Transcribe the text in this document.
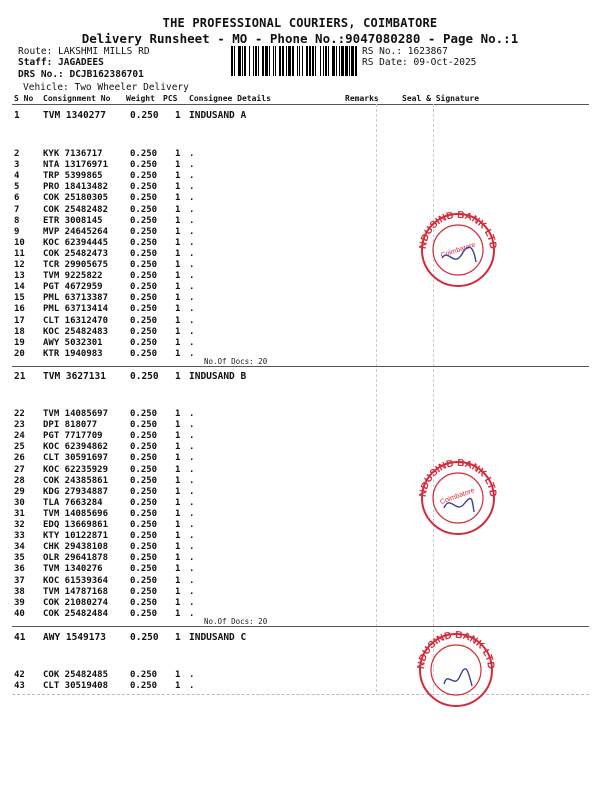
THE PROFESSIONAL COURIERS, COIMBATORE
Delivery Runsheet - MO - Phone No.:9047080280 - Page No.:1
Route: LAKSHMI MILLS RD
Staff: JAGADEES
DRS No.: DCJB162386701
Vehicle: Two Wheeler Delivery
RS No.: 1623867
RS Date: 09-Oct-2025
S No Consignment No Weight PCS Consignee Details	Remarks	Seal & Signature
1 TVM 1340277	0.250 1 INDUSAND A
2	KYK 7136717	0.250 1 .
3	NTA 13176971 0.250 1 .
4	TRP 5399865	0.250 1 .
5	PRO 18413482 0.250 1 .
6	COK 25180305 0.250 1 .
7	COK 25482482 0.250 1 .
8	ETR 3008145	0.250 1 .
9	MVP 24645264 0.250 1 .
10 KOC 62394445 0.250 1 .
11 COK 25482473 0.250 1 .
12 TCR 29905675 0.250 1 .
13 TVM 9225822	0.250 1 .
14 PGT 4672959	0.250 1 .
15 PML 63713387 0.250 1 .
16 PML 63713414 0.250 1 .
17 CLT 16312470 0.250 1 .
18 KOC 25482483 0.250 1 .
19 AWY 5032301	0.250 1 .
20 KTR 1940983	0.250 1 .
No.Of Docs: 20
21 TVM 3627131	0.250 1 INDUSAND B
22 TVM 14085697 0.250 1 .
23 DPI 818077	0.250 1 .
24 PGT 7717709	0.250 1 .
25 KOC 62394862 0.250 1 .
26 CLT 30591697 0.250 1 .
27 KOC 62235929 0.250 1 .
28 COK 24385861 0.250 1 .
29 KDG 27934887 0.250 1 .
30 TLA 7663284	0.250 1 .
31 TVM 14085696 0.250 1 .
32 EDQ 13669861 0.250 1 .
33 KTY 10122871 0.250 1 .
34 CHK 29438108 0.250 1 .
35 OLR 29641878 0.250 1 .
36 TVM 1340276	0.250 1 .
37 KOC 61539364 0.250 1 .
38 TVM 14787168 0.250 1 .
39 COK 21080274 0.250 1 .
40 COK 25482484 0.250 1 .
No.Of Docs: 20
41 AWY 1549173	0.250 1 INDUSAND C
42 COK 25482485 0.250 1 .
43 CLT 30519408 0.250 1 .
NDUSIND BANK LTD
Coimbatore
NDUSIND BANK LTD
Coimbatore
NDUSIND BANK LTD
